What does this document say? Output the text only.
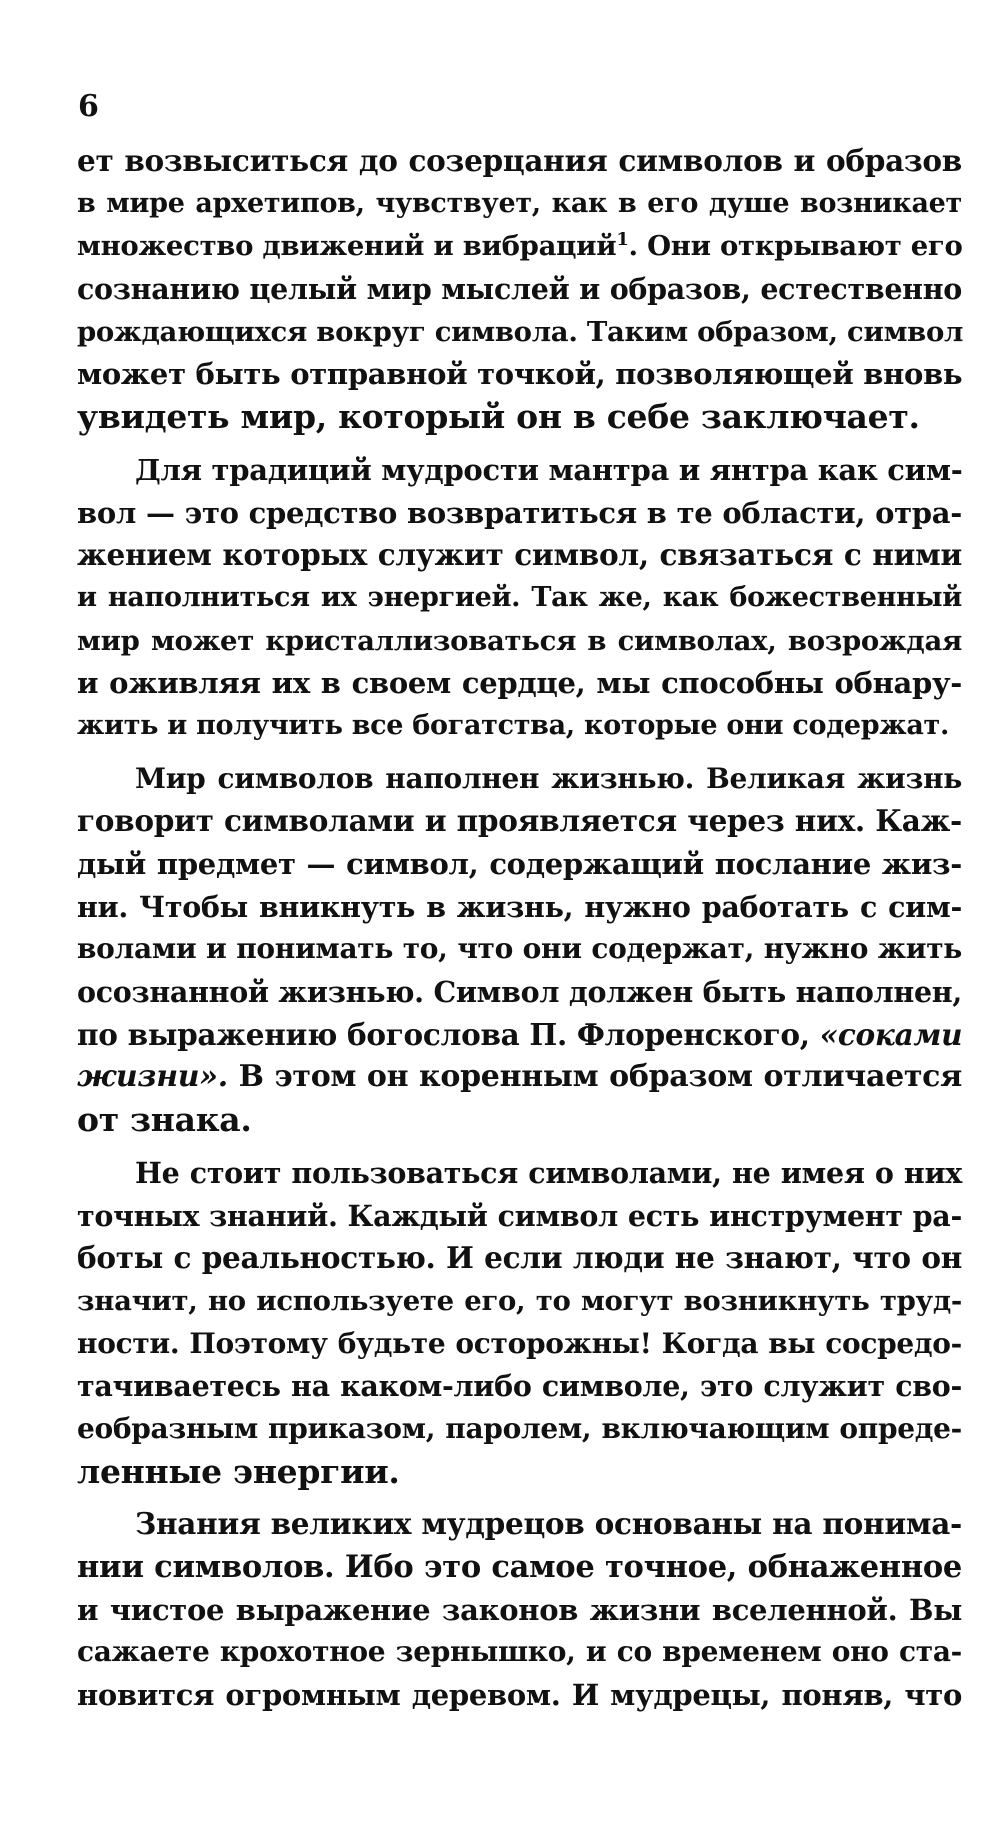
6
ет возвыситься до созерцания символов и образов
в мире архетипов, чувствует, как в его душе возникает
множество движений и вибраций$^1$. Они открывают его
сознанию целый мир мыслей и образов, естественно
рождающихся вокруг символа. Таким образом, символ
может быть отправной точкой, позволяющей вновь
увидеть мир, который он в себе заключает.
Для традиций мудрости мантра и янтра как сим-
вол — это средство возвратиться в те области, отра-
жением которых служит символ, связаться с ними
и наполниться их энергией. Так же, как божественный
мир может кристаллизоваться в символах, возрождая
и оживляя их в своем сердце, мы способны обнару-
жить и получить все богатства, которые они содержат.
Мир символов наполнен жизнью. Великая жизнь
говорит символами и проявляется через них. Каж-
дый предмет — символ, содержащий послание жиз-
ни. Чтобы вникнуть в жизнь, нужно работать с сим-
волами и понимать то, что они содержат, нужно жить
осознанной жизнью. Символ должен быть наполнен,
по выражению богослова П. Флоренского, «соками
жизни». В этом он коренным образом отличается
от знака.
Не стоит пользоваться символами, не имея о них
точных знаний. Каждый символ есть инструмент ра-
боты с реальностью. И если люди не знают, что он
значит, но используете его, то могут возникнуть труд-
ности. Поэтому будьте осторожны! Когда вы сосредо-
тачиваетесь на каком-либо символе, это служит сво-
еобразным приказом, паролем, включающим опреде-
ленные энергии.
Знания великих мудрецов основаны на понима-
нии символов. Ибо это самое точное, обнаженное
и чистое выражение законов жизни вселенной. Вы
сажаете крохотное зернышко, и со временем оно ста-
новится огромным деревом. И мудрецы, поняв, что
